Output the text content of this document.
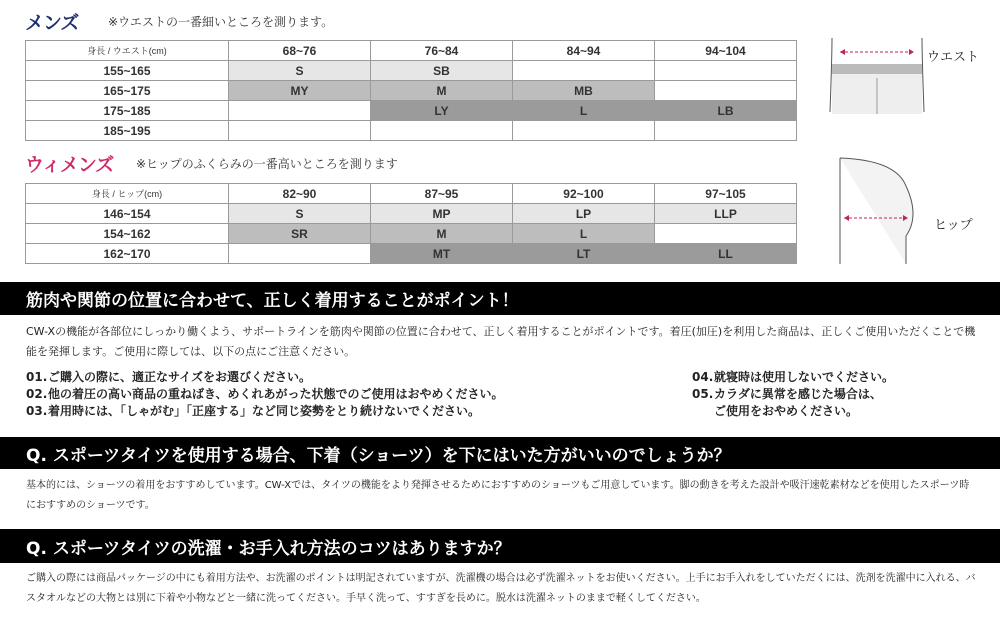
メンズ ※ウエストの一番細いところを測ります。
身長 / ウエスト(cm)	68~76	76~84	84~94	94~104
155~165	S	SB		
165~175	MY	M	MB	
175~185		LY	L	LB
185~195				
ウィメンズ ※ヒップのふくらみの一番高いところを測ります
身長 / ヒップ(cm)	82~90	87~95	92~100	97~105
146~154	S	MP	LP	LLP
154~162	SR	M	L	
162~170		MT	LT	LL
ウエスト
ヒップ
筋肉や関節の位置に合わせて、正しく着用することがポイント！
CW-Xの機能が各部位にしっかり働くよう、サポートラインを筋肉や関節の位置に合わせて、正しく着用することがポイントです。着圧(加圧)を利用した商品は、正しくご使用いただくことで機能を発揮します。ご使用に際しては、以下の点にご注意ください。
01.ご購入の際に、適正なサイズをお選びください。
02.他の着圧の高い商品の重ねばき、めくれあがった状態でのご使用はおやめください。
03.着用時には、「しゃがむ」「正座する」など同じ姿勢をとり続けないでください。
04.就寝時は使用しないでください。
05.カラダに異常を感じた場合は、
ご使用をおやめください。
Q. スポーツタイツを使用する場合、下着（ショーツ）を下にはいた方がいいのでしょうか？
基本的には、ショーツの着用をおすすめしています。CW-Xでは、タイツの機能をより発揮させるためにおすすめのショーツもご用意しています。脚の動きを考えた設計や吸汗速乾素材などを使用したスポーツ時におすすめのショーツです。
Q. スポーツタイツの洗濯・お手入れ方法のコツはありますか？
ご購入の際には商品パッケージの中にも着用方法や、お洗濯のポイントは明記されていますが、洗濯機の場合は必ず洗濯ネットをお使いください。上手にお手入れをしていただくには、洗剤を洗濯中に入れる、バスタオルなどの大物とは別に下着や小物などと一緒に洗ってください。手早く洗って、すすぎを長めに。脱水は洗濯ネットのままで軽くしてください。
